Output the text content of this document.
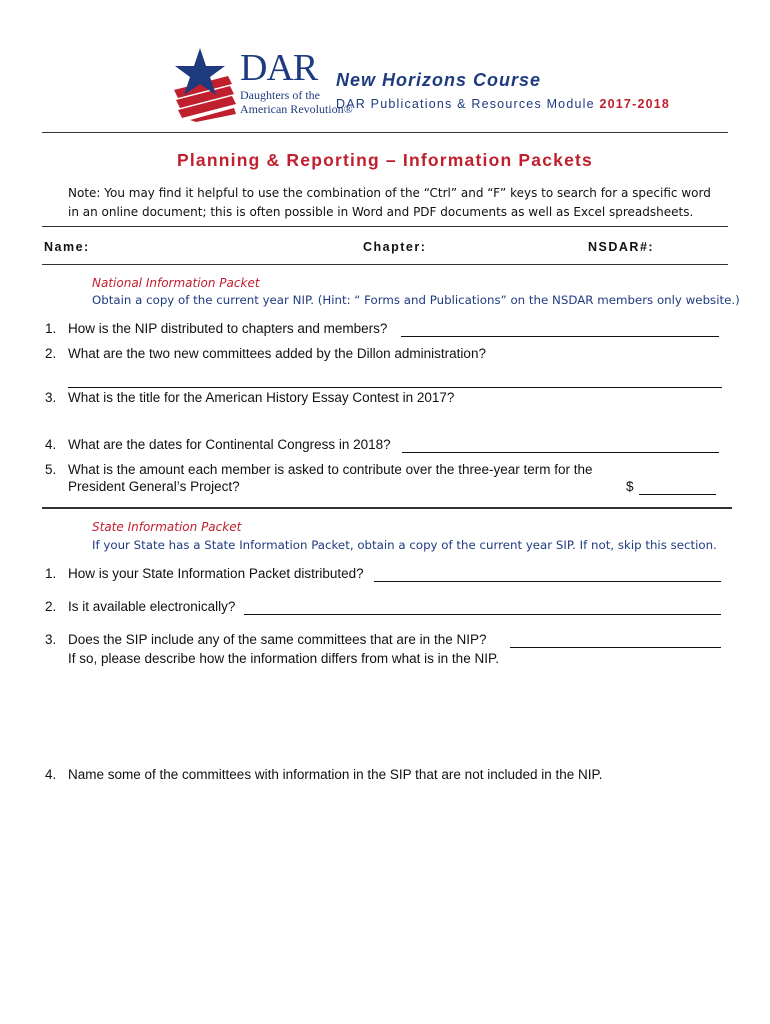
DAR
Daughters of the
American Revolution®
New Horizons Course
DAR Publications & Resources Module 2017-2018
Planning & Reporting – Information Packets
Note: You may find it helpful to use the combination of the “Ctrl” and “F” keys to search for a specific word in an online document; this is often possible in Word and PDF documents as well as Excel spreadsheets.
Name:	Chapter:	NSDAR#:
National Information Packet
Obtain a copy of the current year NIP. (Hint: “ Forms and Publications” on the NSDAR members only website.)
1. How is the NIP distributed to chapters and members?
2. What are the two new committees added by the Dillon administration?
3. What is the title for the American History Essay Contest in 2017?
4. What are the dates for Continental Congress in 2018?
5. What is the amount each member is asked to contribute over the three-year term for the
President General’s Project?	$
State Information Packet
If your State has a State Information Packet, obtain a copy of the current year SIP. If not, skip this section.
1. How is your State Information Packet distributed?
2. Is it available electronically?
3. Does the SIP include any of the same committees that are in the NIP?
If so, please describe how the information differs from what is in the NIP.
4. Name some of the committees with information in the SIP that are not included in the NIP.
